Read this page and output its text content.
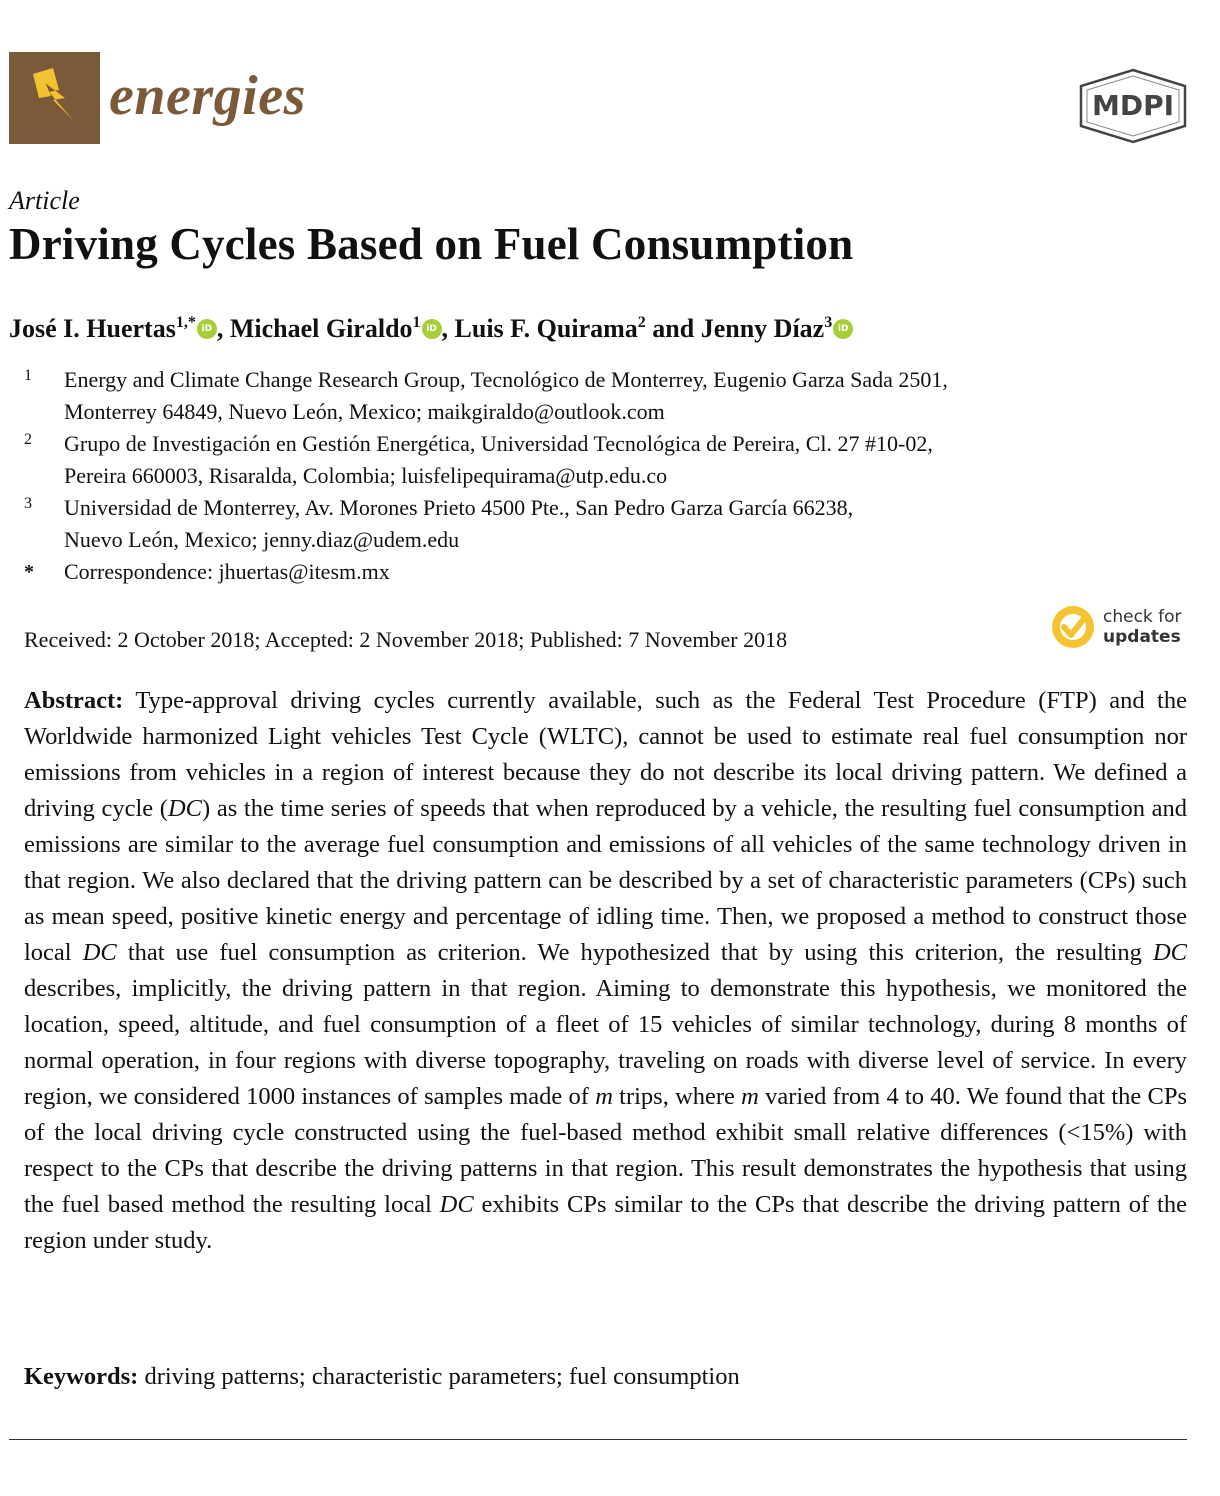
energies	MDPI
Article
Driving Cycles Based on Fuel Consumption
José I. Huertas$^{1,*}$ iD , Michael Giraldo$^1$ iD , Luis F. Quirama$^2$ and Jenny Díaz$^3$ iD
1 Energy and Climate Change Research Group, Tecnológico de Monterrey, Eugenio Garza Sada 2501,
Monterrey 64849, Nuevo León, Mexico; maikgiraldo@outlook.com
2 Grupo de Investigación en Gestión Energética, Universidad Tecnológica de Pereira, Cl. 27 #10-02,
Pereira 660003, Risaralda, Colombia; luisfelipequirama@utp.edu.co
3 Universidad de Monterrey, Av. Morones Prieto 4500 Pte., San Pedro Garza García 66238,
Nuevo León, Mexico; jenny.diaz@udem.edu
* Correspondence: jhuertas@itesm.mx
Received: 2 October 2018; Accepted: 2 November 2018; Published: 7 November 2018
check for
updates

Abstract: Type-approval driving cycles currently available, such as the Federal Test Procedure (FTP) and the Worldwide harmonized Light vehicles Test Cycle (WLTC), cannot be used to estimate real fuel consumption nor emissions from vehicles in a region of interest because they do not describe its local driving pattern. We defined a driving cycle (DC) as the time series of speeds that when reproduced by a vehicle, the resulting fuel consumption and emissions are similar to the average fuel consumption and emissions of all vehicles of the same technology driven in that region. We also declared that the driving pattern can be described by a set of characteristic parameters (CPs) such as mean speed, positive kinetic energy and percentage of idling time. Then, we proposed a method to construct those local DC that use fuel consumption as criterion. We hypothesized that by using this criterion, the resulting DC describes, implicitly, the driving pattern in that region. Aiming to demonstrate this hypothesis, we monitored the location, speed, altitude, and fuel consumption of a fleet of 15 vehicles of similar technology, during 8 months of normal operation, in four regions with diverse topography, traveling on roads with diverse level of service. In every region, we considered 1000 instances of samples made of m trips, where m varied from 4 to 40. We found that the CPs of the local driving cycle constructed using the fuel-based method exhibit small relative differences (<15%) with respect to the CPs that describe the driving patterns in that region. This result demonstrates the hypothesis that using the fuel based method the resulting local DC exhibits CPs similar to the CPs that describe the driving pattern of the region under study.

Keywords: driving patterns; characteristic parameters; fuel consumption
